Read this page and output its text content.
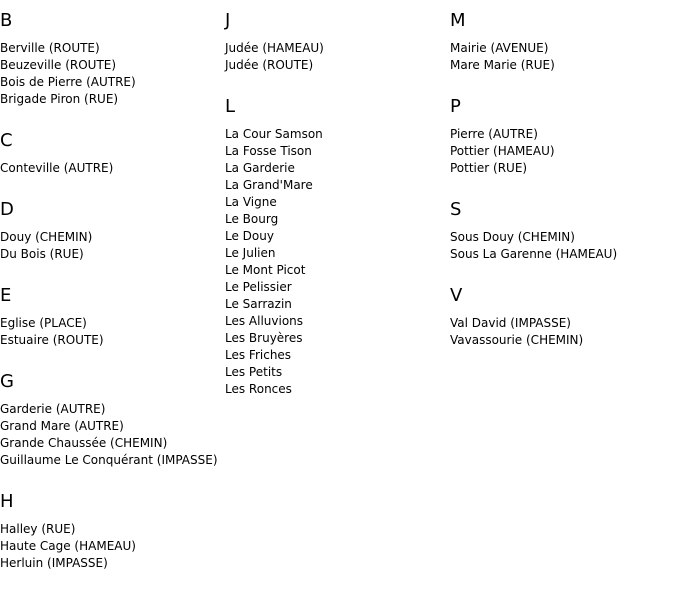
B
Berville (ROUTE)
Beuzeville (ROUTE)
Bois de Pierre (AUTRE)
Brigade Piron (RUE)
C
Conteville (AUTRE)
D
Douy (CHEMIN)
Du Bois (RUE)
E
Eglise (PLACE)
Estuaire (ROUTE)
G
Garderie (AUTRE)
Grand Mare (AUTRE)
Grande Chaussée (CHEMIN)
Guillaume Le Conquérant (IMPASSE)
H
Halley (RUE)
Haute Cage (HAMEAU)
Herluin (IMPASSE)
J
Judée (HAMEAU)
Judée (ROUTE)
L
La Cour Samson
La Fosse Tison
La Garderie
La Grand'Mare
La Vigne
Le Bourg
Le Douy
Le Julien
Le Mont Picot
Le Pelissier
Le Sarrazin
Les Alluvions
Les Bruyères
Les Friches
Les Petits
Les Ronces
M
Mairie (AVENUE)
Mare Marie (RUE)
P
Pierre (AUTRE)
Pottier (HAMEAU)
Pottier (RUE)
S
Sous Douy (CHEMIN)
Sous La Garenne (HAMEAU)
V
Val David (IMPASSE)
Vavassourie (CHEMIN)
